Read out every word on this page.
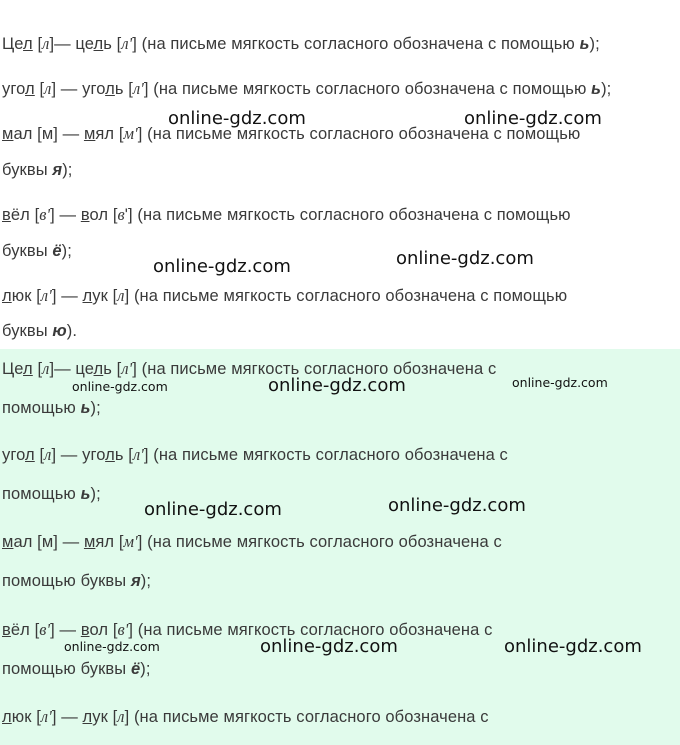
Цел [л]— цель [л'] (на письме мягкость согласного обозначена с помощью ь);
угол [л] — уголь [л'] (на письме мягкость согласного обозначена с помощью ь);
мал [м] — мял [м'] (на письме мягкость согласного обозначена с помощью
буквы я);
вёл [в'] — вол [в'] (на письме мягкость согласного обозначена с помощью
буквы ё);
люк [л'] — лук [л] (на письме мягкость согласного обозначена с помощью
буквы ю).
online-gdz.com	online-gdz.com
online-gdz.com	online-gdz.com
Цел [л]— цель [л'] (на письме мягкость согласного обозначена с
помощью ь);
угол [л] — уголь [л'] (на письме мягкость согласного обозначена с
помощью ь);
мал [м] — мял [м'] (на письме мягкость согласного обозначена с
помощью буквы я);
вёл [в'] — вол [в'] (на письме мягкость согласного обозначена с
помощью буквы ё);
люк [л'] — лук [л] (на письме мягкость согласного обозначена с
online-gdz.com	online-gdz.com	online-gdz.com
online-gdz.com	online-gdz.com
online-gdz.com	online-gdz.com	online-gdz.com
